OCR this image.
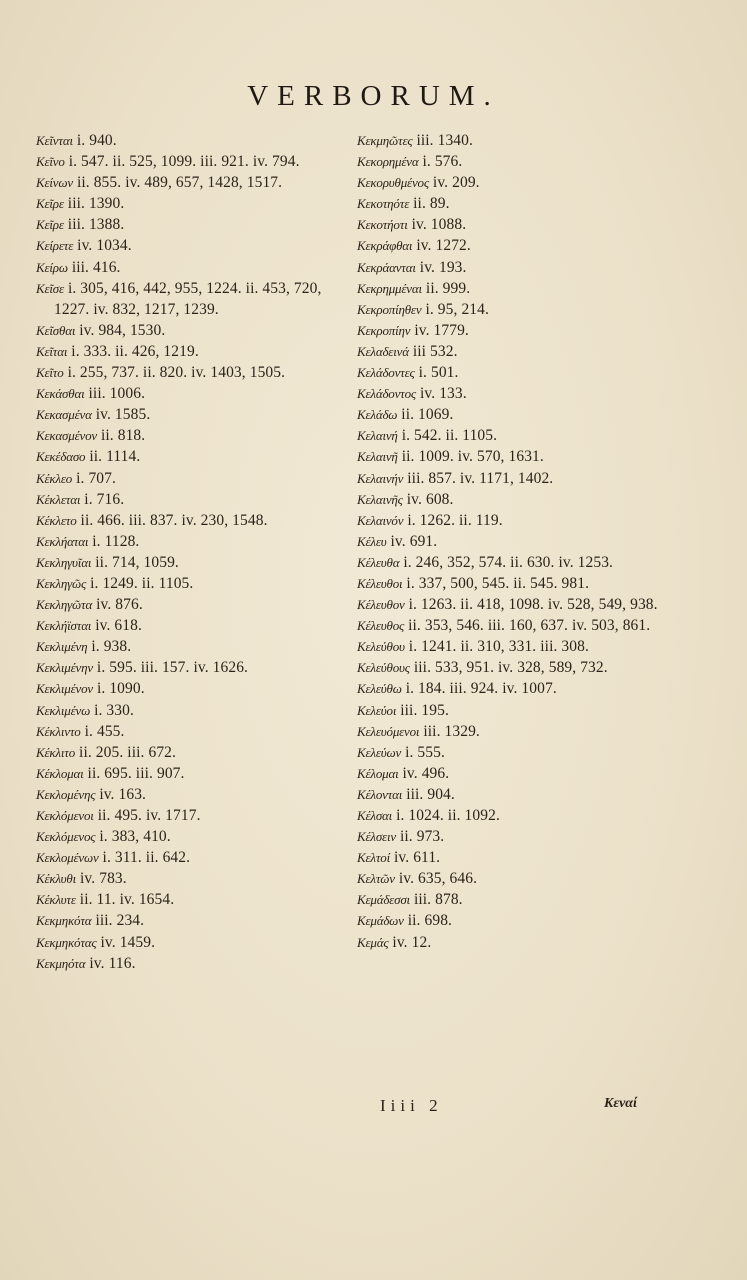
VERBORUM.
Κεῖνται i. 940.
Κεῖνο i. 547. ii. 525, 1099. iii. 921. iv. 794.
Κείνων ii. 855. iv. 489, 657, 1428, 1517.
Κεῖρε iii. 1390.
Κεῖρε iii. 1388.
Κείρετε iv. 1034.
Κείρω iii. 416.
Κεῖσε i. 305, 416, 442, 955, 1224. ii. 453, 720, 1227. iv. 832, 1217, 1239.
Κεῖσθαι iv. 984, 1530.
Κεῖται i. 333. ii. 426, 1219.
Κεῖτο i. 255, 737. ii. 820. iv. 1403, 1505.
Κεκάσθαι iii. 1006.
Κεκασμένα iv. 1585.
Κεκασμένον ii. 818.
Κεκέδασο ii. 1114.
Κέκλεο i. 707.
Κέκλεται i. 716.
Κέκλετο ii. 466. iii. 837. iv. 230, 1548.
Κεκλήαται i. 1128.
Κεκληγυῖαι ii. 714, 1059.
Κεκληγῶς i. 1249. ii. 1105.
Κεκληγῶτα iv. 876.
Κεκλήϊσται iv. 618.
Κεκλιμένη i. 938.
Κεκλιμένην i. 595. iii. 157. iv. 1626.
Κεκλιμένον i. 1090.
Κεκλιμένω i. 330.
Κέκλιντο i. 455.
Κέκλιτο ii. 205. iii. 672.
Κέκλομαι ii. 695. iii. 907.
Κεκλομένης iv. 163.
Κεκλόμενοι ii. 495. iv. 1717.
Κεκλόμενος i. 383, 410.
Κεκλομένων i. 311. ii. 642.
Κέκλυθι iv. 783.
Κέκλυτε ii. 11. iv. 1654.
Κεκμηκότα iii. 234.
Κεκμηκότας iv. 1459.
Κεκμηότα iv. 116.
Κεκμηῶτες iii. 1340.
Κεκορημένα i. 576.
Κεκορυθμένος iv. 209.
Κεκοτηότε ii. 89.
Κεκοτήοτι iv. 1088.
Κεκράφθαι iv. 1272.
Κεκράανται iv. 193.
Κεκρημμέναι ii. 999.
Κεκροπίηθεν i. 95, 214.
Κεκροπίην iv. 1779.
Κελαδεινά iii 532.
Κελάδοντες i. 501.
Κελάδοντος iv. 133.
Κελάδω ii. 1069.
Κελαινή i. 542. ii. 1105.
Κελαινῆ ii. 1009. iv. 570, 1631.
Κελαινήν iii. 857. iv. 1171, 1402.
Κελαινῆς iv. 608.
Κελαινόν i. 1262. ii. 119.
Κέλευ iv. 691.
Κέλευθα i. 246, 352, 574. ii. 630. iv. 1253.
Κέλευθοι i. 337, 500, 545. ii. 545. 981.
Κέλευθον i. 1263. ii. 418, 1098. iv. 528, 549, 938.
Κέλευθος ii. 353, 546. iii. 160, 637. iv. 503, 861.
Κελεύθου i. 1241. ii. 310, 331. iii. 308.
Κελεύθους iii. 533, 951. iv. 328, 589, 732.
Κελεύθω i. 184. iii. 924. iv. 1007.
Κελεύοι iii. 195.
Κελευόμενοι iii. 1329.
Κελεύων i. 555.
Κέλομαι iv. 496.
Κέλονται iii. 904.
Κέλσαι i. 1024. ii. 1092.
Κέλσειν ii. 973.
Κελτοί iv. 611.
Κελτῶν iv. 635, 646.
Κεμάδεσσι iii. 878.
Κεμάδων ii. 698.
Κεμάς iv. 12.
Iiii 2	Κεναί
